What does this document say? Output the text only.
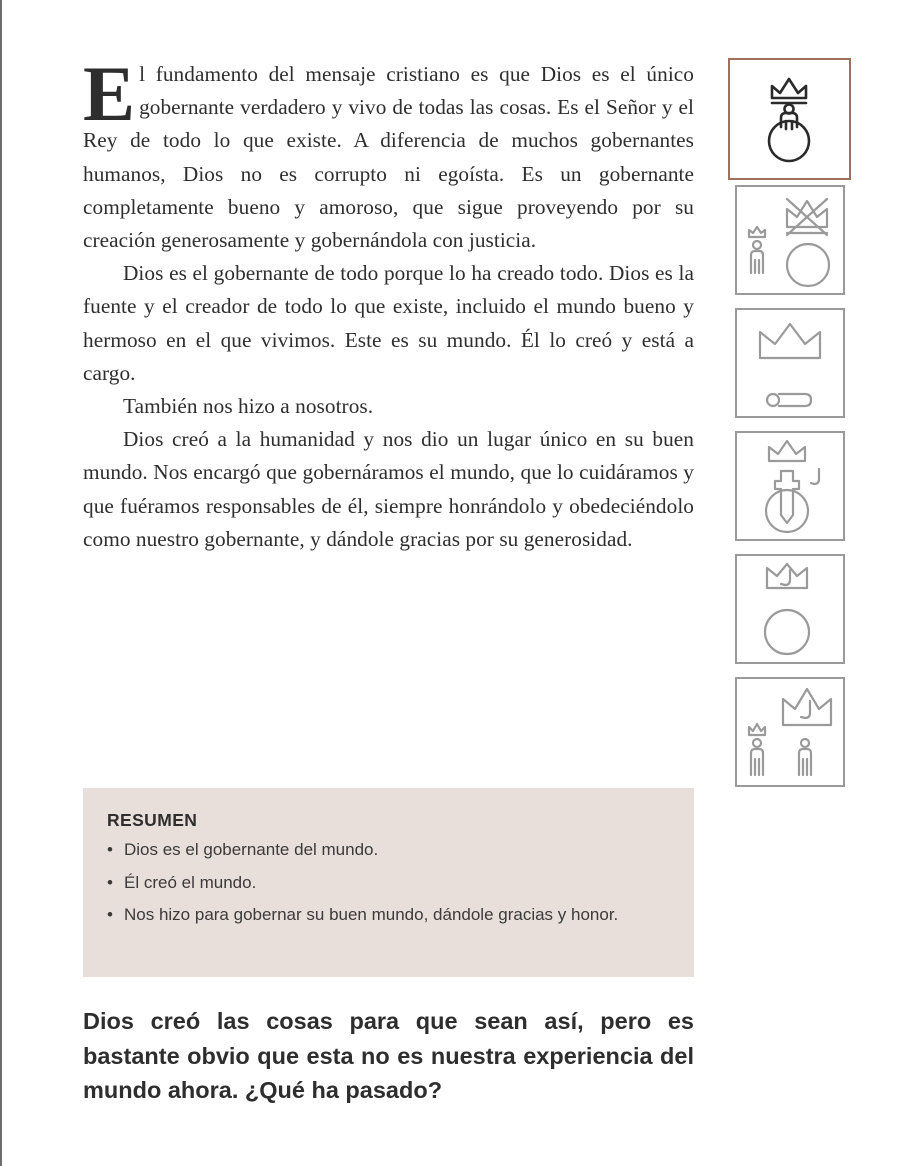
El fundamento del mensaje cristiano es que Dios es el único gobernante verdadero y vivo de todas las cosas. Es el Señor y el Rey de todo lo que existe. A diferencia de muchos gobernantes humanos, Dios no es corrupto ni egoísta. Es un gobernante completamente bueno y amoroso, que sigue proveyendo por su creación generosamente y gobernándola con justicia.

Dios es el gobernante de todo porque lo ha creado todo. Dios es la fuente y el creador de todo lo que existe, incluido el mundo bueno y hermoso en el que vivimos. Este es su mundo. Él lo creó y está a cargo.

También nos hizo a nosotros.

Dios creó a la humanidad y nos dio un lugar único en su buen mundo. Nos encargó que gobernáramos el mundo, que lo cuidáramos y que fuéramos responsables de él, siempre honrándolo y obedeciéndolo como nuestro gobernante, y dándole gracias por su generosidad.

RESUMEN
• Dios es el gobernante del mundo.
• Él creó el mundo.
• Nos hizo para gobernar su buen mundo, dándole gracias y honor.

Dios creó las cosas para que sean así, pero es bastante obvio que esta no es nuestra experiencia del mundo ahora. ¿Qué ha pasado?
